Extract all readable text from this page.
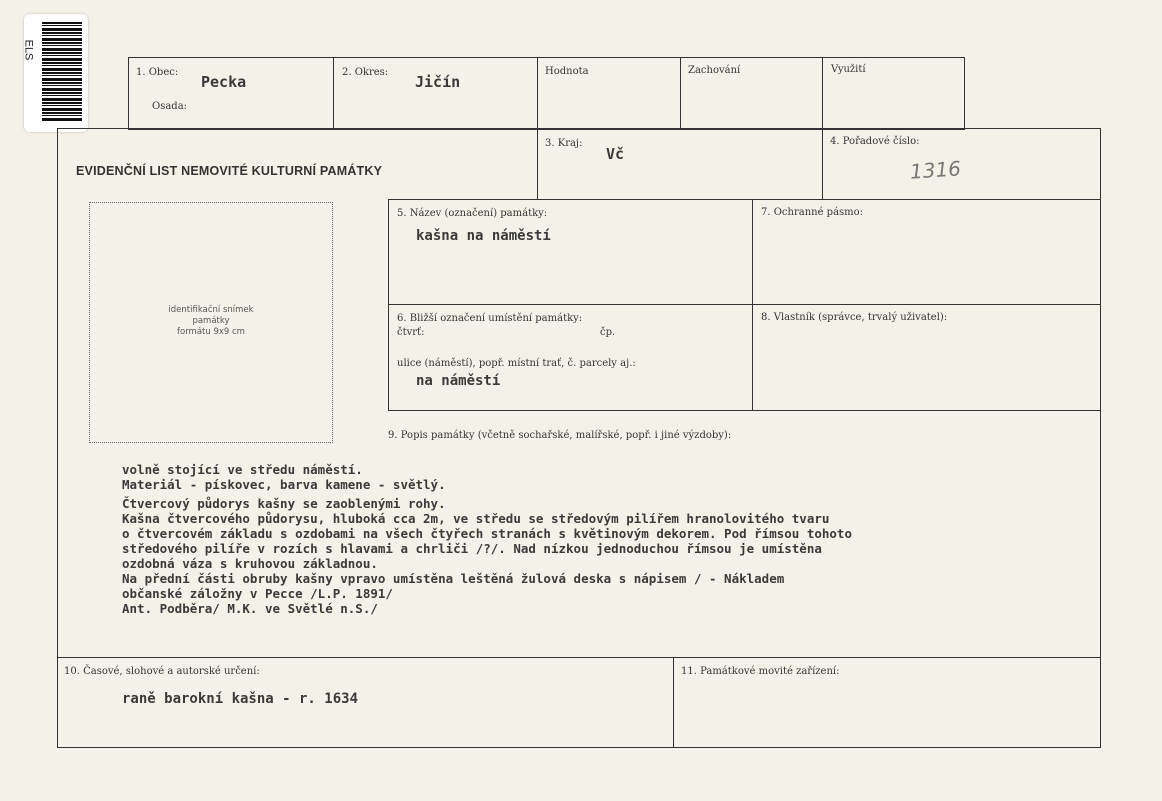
ELS
1. Obec:
Pecka
Osada:
2. Okres:
Jičín
Hodnota	Zachování	Využití
EVIDENČNÍ LIST NEMOVITÉ KULTURNÍ PAMÁTKY
3. Kraj:
Vč
4. Pořadové číslo:
1316
identifikační snímek
památky
formátu 9x9 cm
5. Název (označení) památky:
kašna na náměstí
7. Ochranné pásmo:
6. Bližší označení umístění památky:
čtvrť:	čp.
ulice (náměstí), popř. místní trať, č. parcely aj.:
na náměstí
8. Vlastník (správce, trvalý uživatel):
9. Popis památky (včetně sochařské, malířské, popř. i jiné výzdoby):
volně stojící ve středu náměstí.
Materiál - pískovec, barva kamene - světlý.
Čtvercový půdorys kašny se zaoblenými rohy.
Kašna čtvercového půdorysu, hluboká cca 2m, ve středu se středovým pilířem hranolovitého tvaru
o čtvercovém základu s ozdobami na všech čtyřech stranách s květinovým dekorem. Pod římsou tohoto
středového pilíře v rozích s hlavami a chrliči /?/. Nad nízkou jednoduchou římsou je umístěna
ozdobná váza s kruhovou základnou.
Na přední části obruby kašny vpravo umístěna leštěná žulová deska s nápisem / - Nákladem
občanské záložny v Pecce /L.P. 1891/
Ant. Podběra/ M.K. ve Světlé n.S./
10. Časové, slohové a autorské určení:
raně barokní kašna - r. 1634
11. Památkové movité zařízení:
